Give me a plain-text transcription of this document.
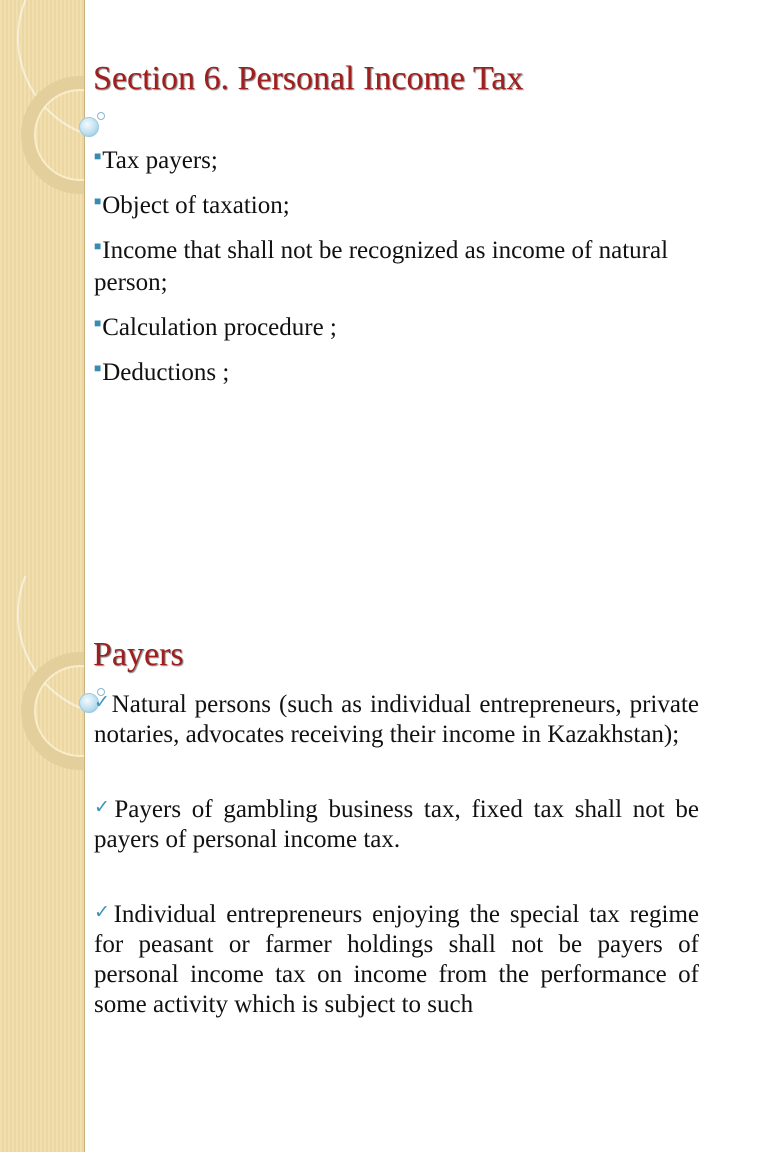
Section 6. Personal Income Tax

■Tax payers;

■Object of taxation;

■Income that shall not be recognized as income of natural person;

■Calculation procedure ;

■Deductions ;

Payers

✓Natural persons (such as individual entrepreneurs, private notaries, advocates receiving their income in Kazakhstan);

✓Payers of gambling business tax, fixed tax shall not be payers of personal income tax.

✓Individual entrepreneurs enjoying the special tax regime for peasant or farmer holdings shall not be payers of personal income tax on income from the performance of some activity which is subject to such
